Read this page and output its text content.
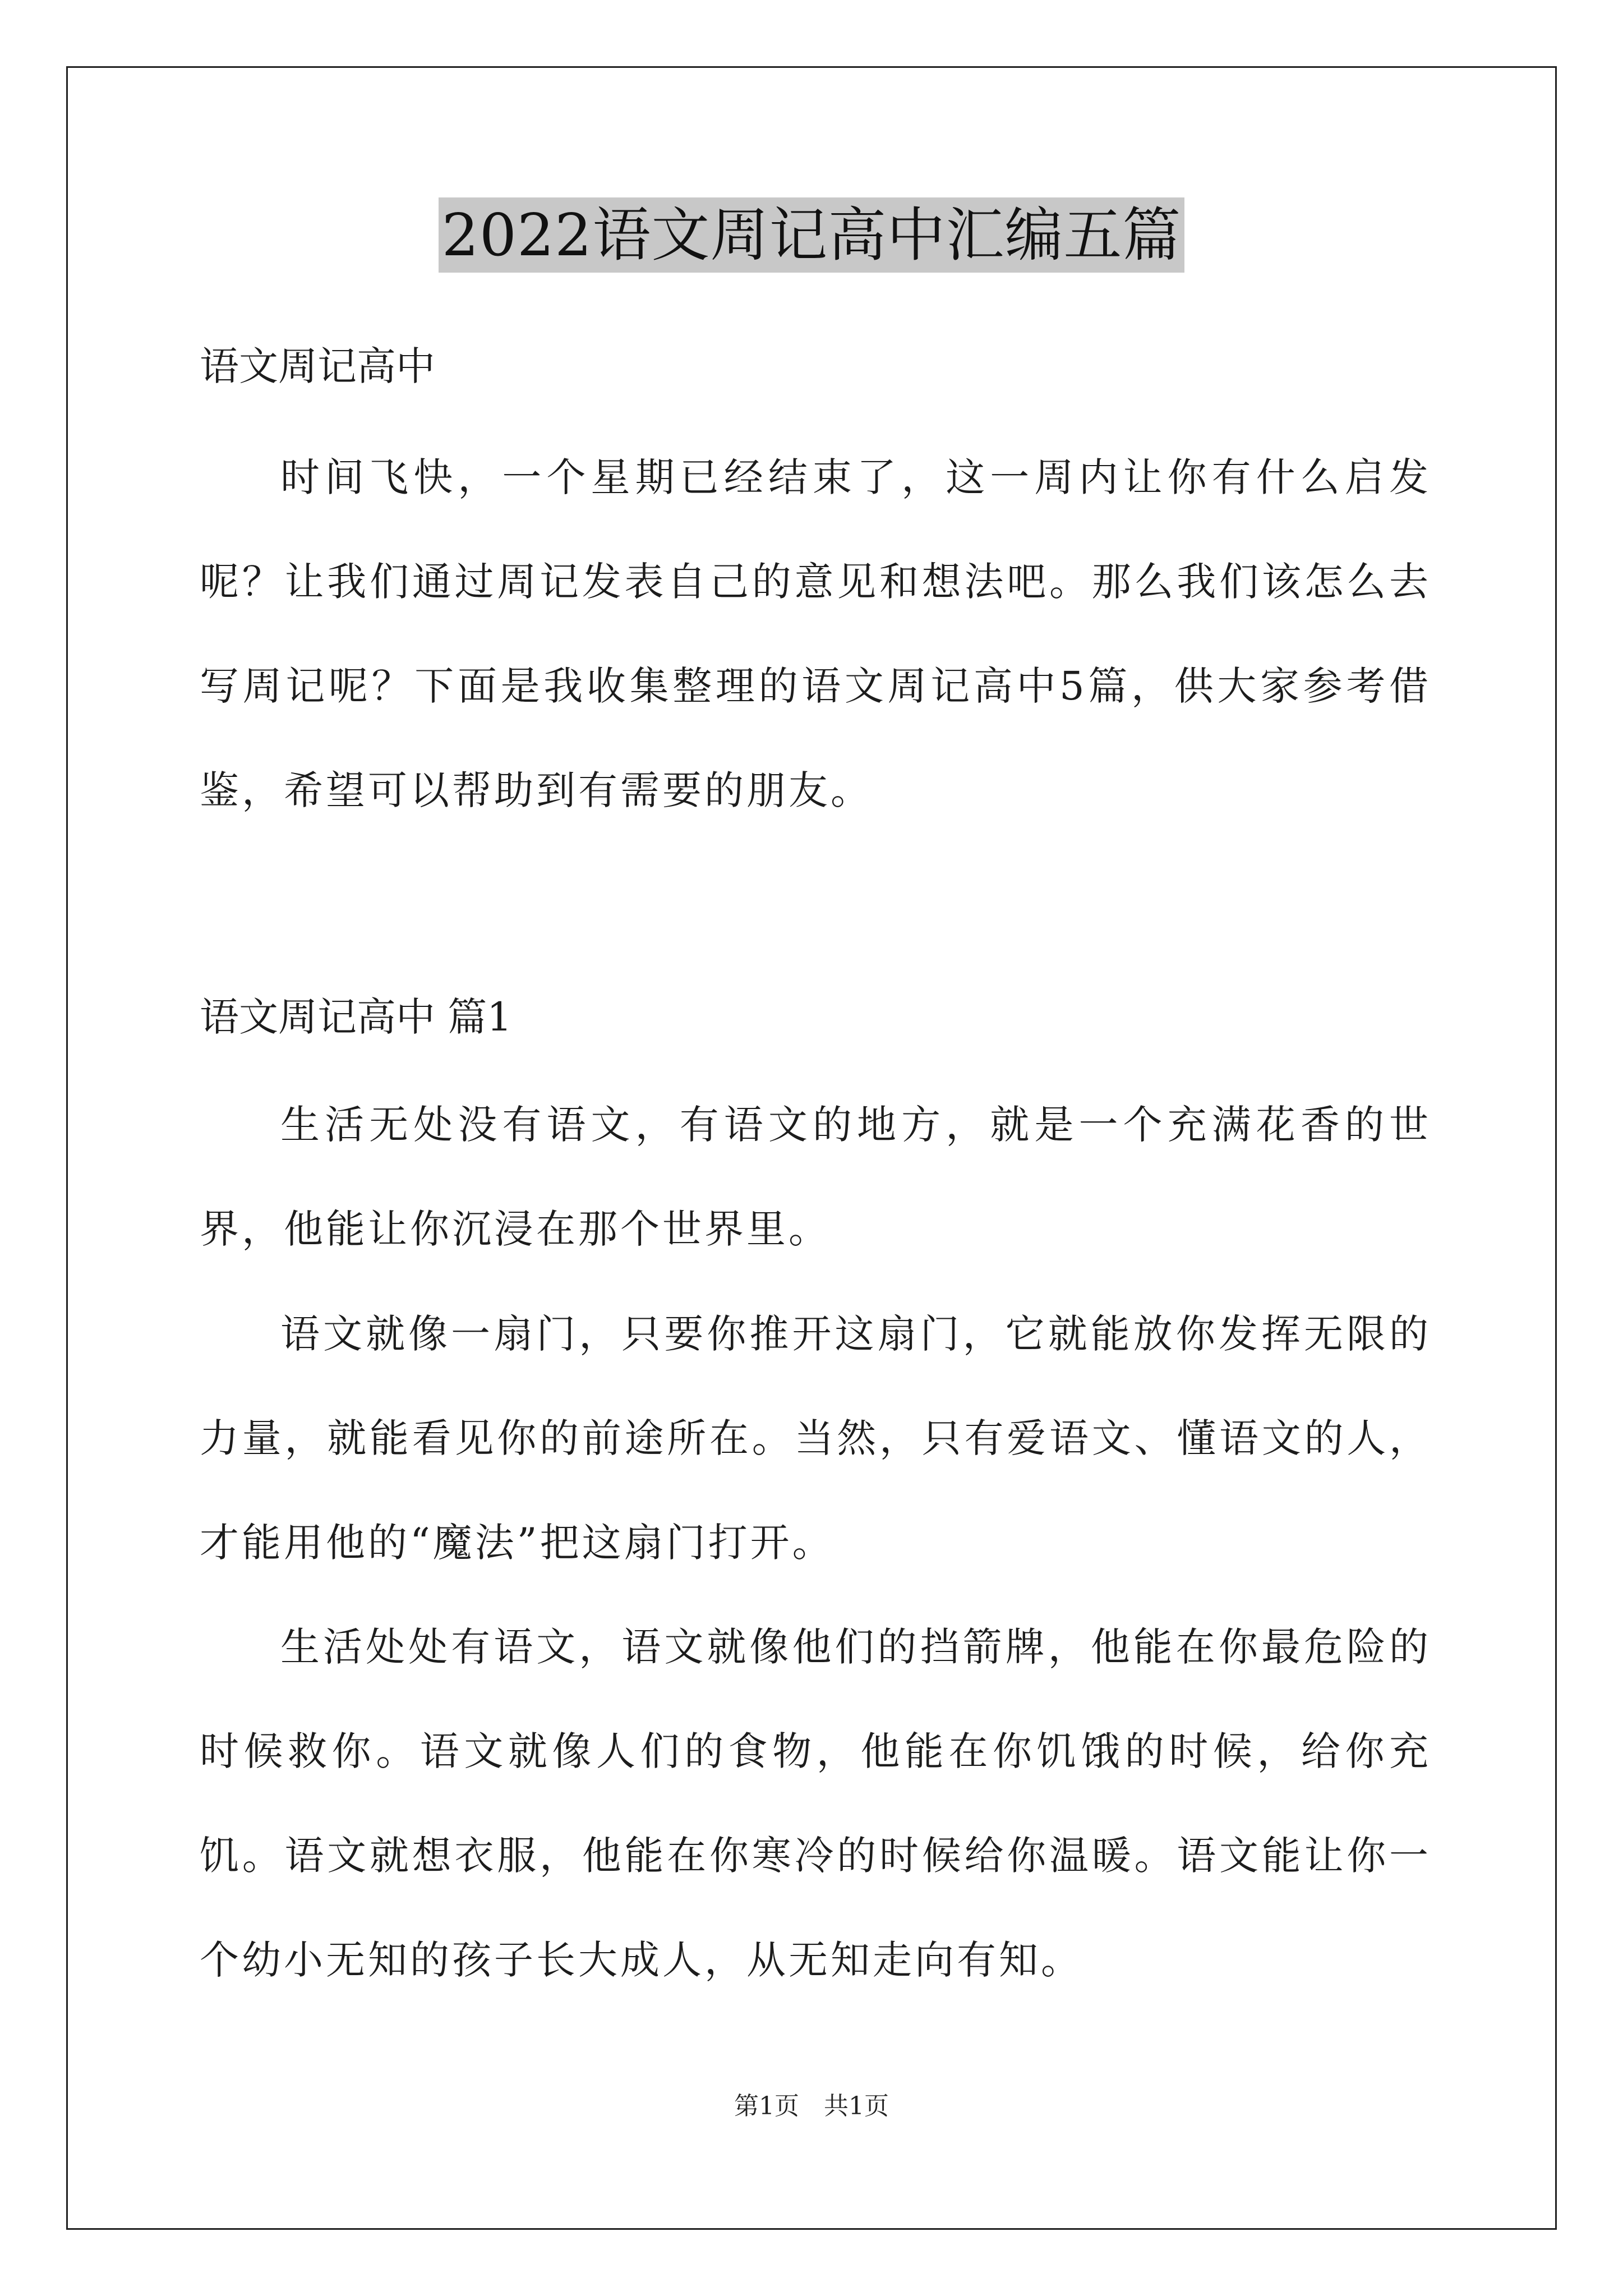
2022语文周记高中汇编五篇
语文周记高中
时间飞快，一个星期已经结束了，这一周内让你有什么启发呢？让我们通过周记发表自己的意见和想法吧。那么我们该怎么去写周记呢？下面是我收集整理的语文周记高中5篇，供大家参考借鉴，希望可以帮助到有需要的朋友。
语文周记高中 篇1
生活无处没有语文，有语文的地方，就是一个充满花香的世界，他能让你沉浸在那个世界里。
语文就像一扇门，只要你推开这扇门，它就能放你发挥无限的力量，就能看见你的前途所在。当然，只有爱语文、懂语文的人，才能用他的“魔法”把这扇门打开。
生活处处有语文，语文就像他们的挡箭牌，他能在你最危险的时候救你。语文就像人们的食物，他能在你饥饿的时候，给你充饥。语文就想衣服，他能在你寒冷的时候给你温暖。语文能让你一个幼小无知的孩子长大成人，从无知走向有知。
第1页　共1页
